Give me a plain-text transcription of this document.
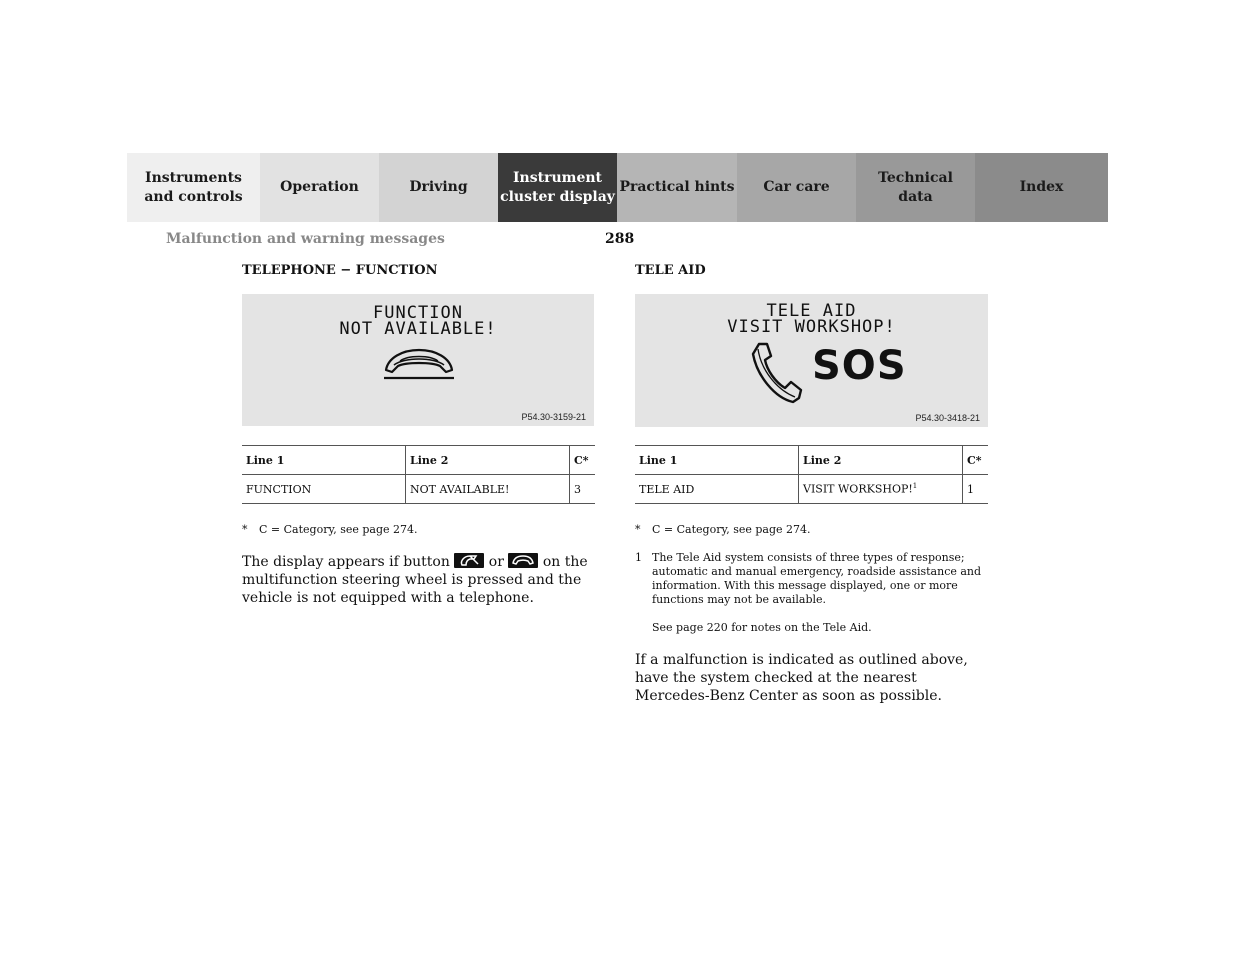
Instruments
and controls
Operation	Driving
Instrument
cluster display
Practical hints	Car care
Technical
data
Index
Malfunction and warning messages	288
TELEPHONE − FUNCTION
FUNCTION
NOT AVAILABLE!
P54.30-3159-21
Line 1	Line 2	C*
FUNCTION	NOT AVAILABLE!	3
* C = Category, see page 274.
The display appears if button	or	on the multifunction steering wheel is pressed and the vehicle is not equipped with a telephone.
TELE AID
TELE AID
VISIT WORKSHOP!
SOS
P54.30-3418-21
Line 1	Line 2	C*
TELE AID	VISIT WORKSHOP!$^1$	1
* C = Category, see page 274.
1 The Tele Aid system consists of three types of response; automatic and manual emergency, roadside assistance and information. With this message displayed, one or more functions may not be available.
See page 220 for notes on the Tele Aid.
If a malfunction is indicated as outlined above, have the system checked at the nearest Mercedes-Benz Center as soon as possible.
